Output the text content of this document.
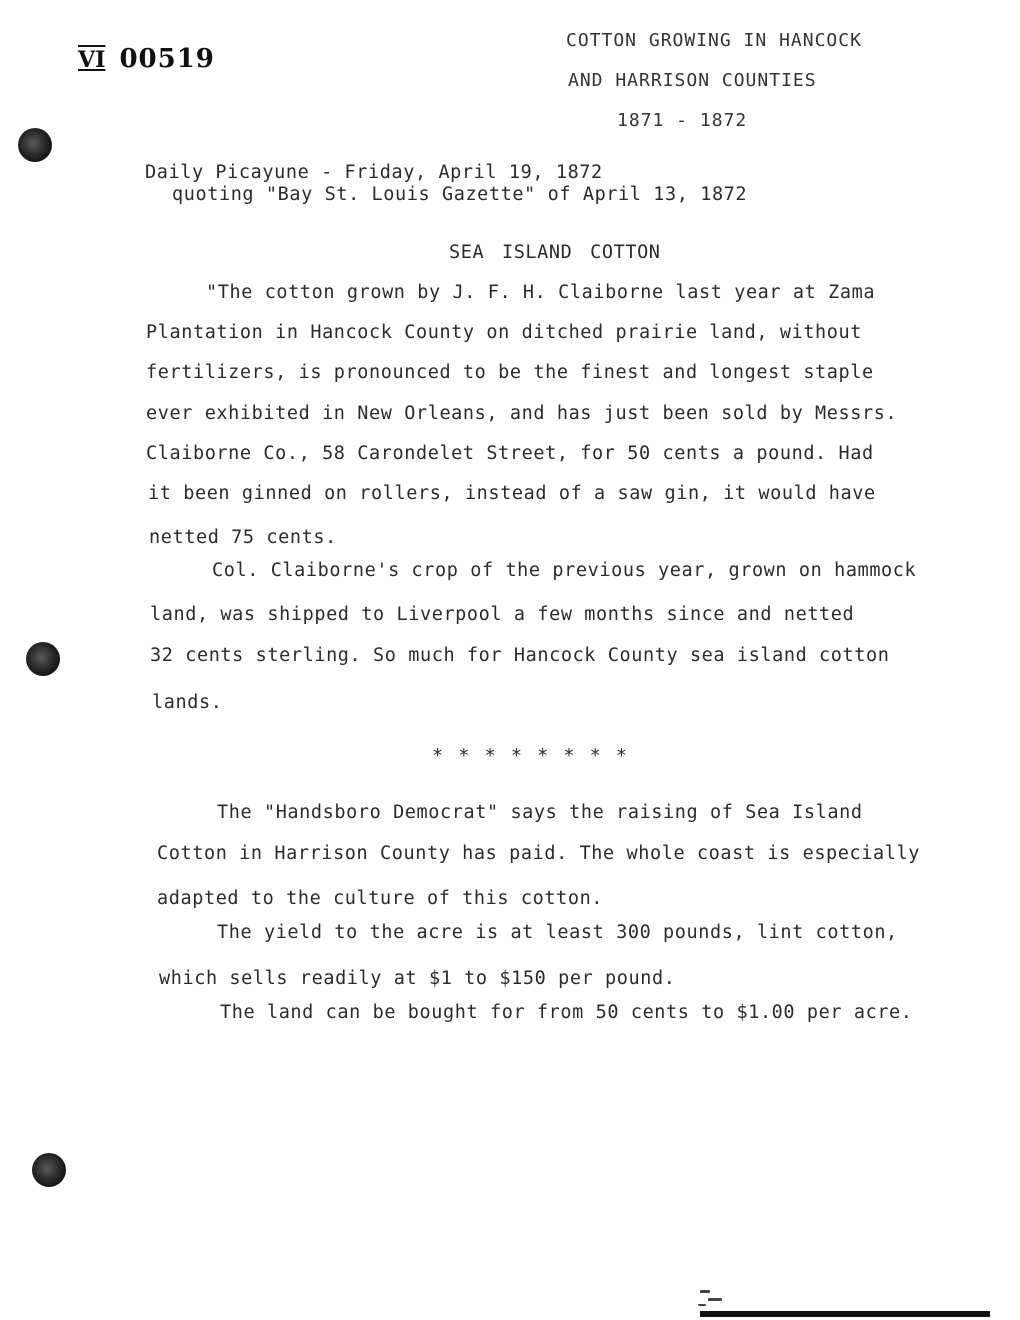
VI 00519
COTTON GROWING IN HANCOCK
AND HARRISON COUNTIES
1871 - 1872
Daily Picayune - Friday, April 19, 1872
quoting "Bay St. Louis Gazette" of April 13, 1872
SEA ISLAND COTTON
"The cotton grown by J. F. H. Claiborne last year at Zama
Plantation in Hancock County on ditched prairie land, without
fertilizers, is pronounced to be the finest and longest staple
ever exhibited in New Orleans, and has just been sold by Messrs.
Claiborne Co., 58 Carondelet Street, for 50 cents a pound. Had
it been ginned on rollers, instead of a saw gin, it would have
netted 75 cents.
Col. Claiborne's crop of the previous year, grown on hammock
land, was shipped to Liverpool a few months since and netted
32 cents sterling. So much for Hancock County sea island cotton
lands.
* * * * * * * *
The "Handsboro Democrat" says the raising of Sea Island
Cotton in Harrison County has paid. The whole coast is especially
adapted to the culture of this cotton.
The yield to the acre is at least 300 pounds, lint cotton,
which sells readily at $1 to $150 per pound.
The land can be bought for from 50 cents to $1.00 per acre.
